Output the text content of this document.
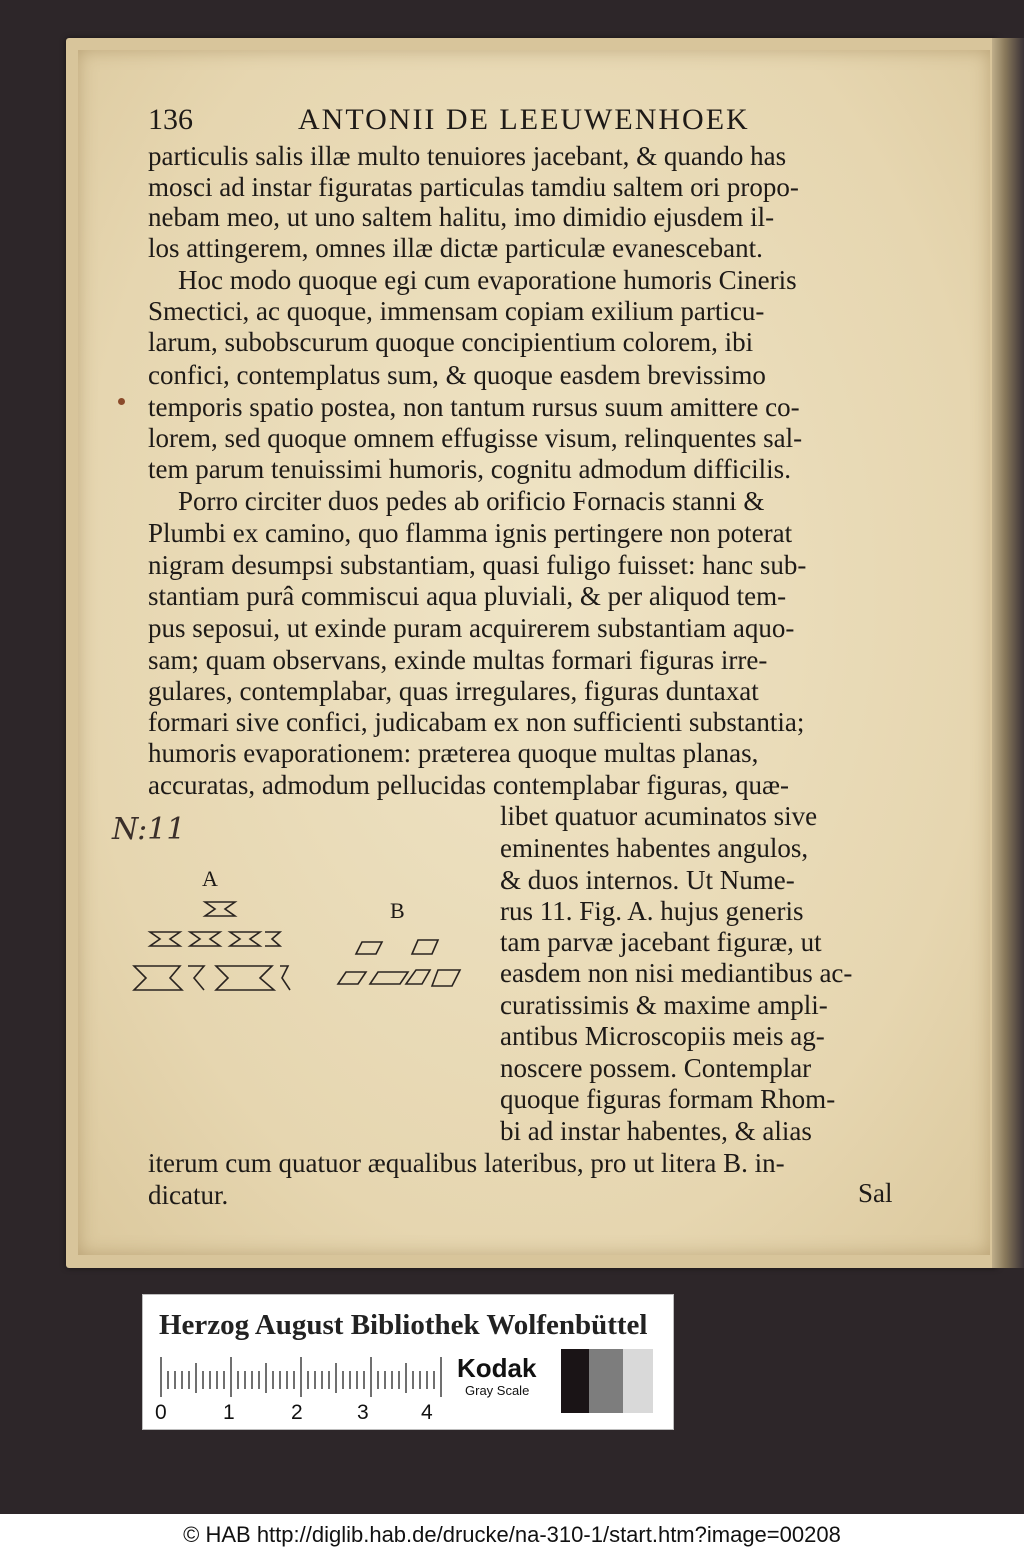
136	ANTONII DE LEEUWENHOEK

particulis salis illæ multo tenuiores jacebant, & quando has

mosci ad instar figuratas particulas tamdiu saltem ori propo-

nebam meo, ut uno saltem halitu, imo dimidio ejusdem il-

los attingerem, omnes illæ dictæ particulæ evanescebant.

Hoc modo quoque egi cum evaporatione humoris Cineris

Smectici, ac quoque, immensam copiam exilium particu-

larum, subobscurum quoque concipientium colorem, ibi

confici, contemplatus sum, & quoque easdem brevissimo

temporis spatio postea, non tantum rursus suum amittere co-

lorem, sed quoque omnem effugisse visum, relinquentes sal-

tem parum tenuissimi humoris, cognitu admodum difficilis.

Porro circiter duos pedes ab orificio Fornacis stanni &

Plumbi ex camino, quo flamma ignis pertingere non poterat

nigram desumpsi substantiam, quasi fuligo fuisset: hanc sub-

stantiam purâ commiscui aqua pluviali, & per aliquod tem-

pus seposui, ut exinde puram acquirerem substantiam aquo-

sam; quam observans, exinde multas formari figuras irre-

gulares, contemplabar, quas irregulares, figuras duntaxat

formari sive confici, judicabam ex non sufficienti substantia;

humoris evaporationem: præterea quoque multas planas,

accuratas, admodum pellucidas contemplabar figuras, quæ-

libet quatuor acuminatos sive

eminentes habentes angulos,

& duos internos. Ut Nume-

rus 11. Fig. A. hujus generis

tam parvæ jacebant figuræ, ut

easdem non nisi mediantibus ac-

curatissimis & maxime ampli-

antibus Microscopiis meis ag-

noscere possem. Contemplar

quoque figuras formam Rhom-

bi ad instar habentes, & alias

iterum cum quatuor æqualibus lateribus, pro ut litera B. in-

dicatur.	Sal
N:11
A
B
Herzog August Bibliothek Wolfenbüttel
0	1	2	3 4
Kodak
Gray Scale
© HAB http://diglib.hab.de/drucke/na-310-1/start.htm?image=00208
